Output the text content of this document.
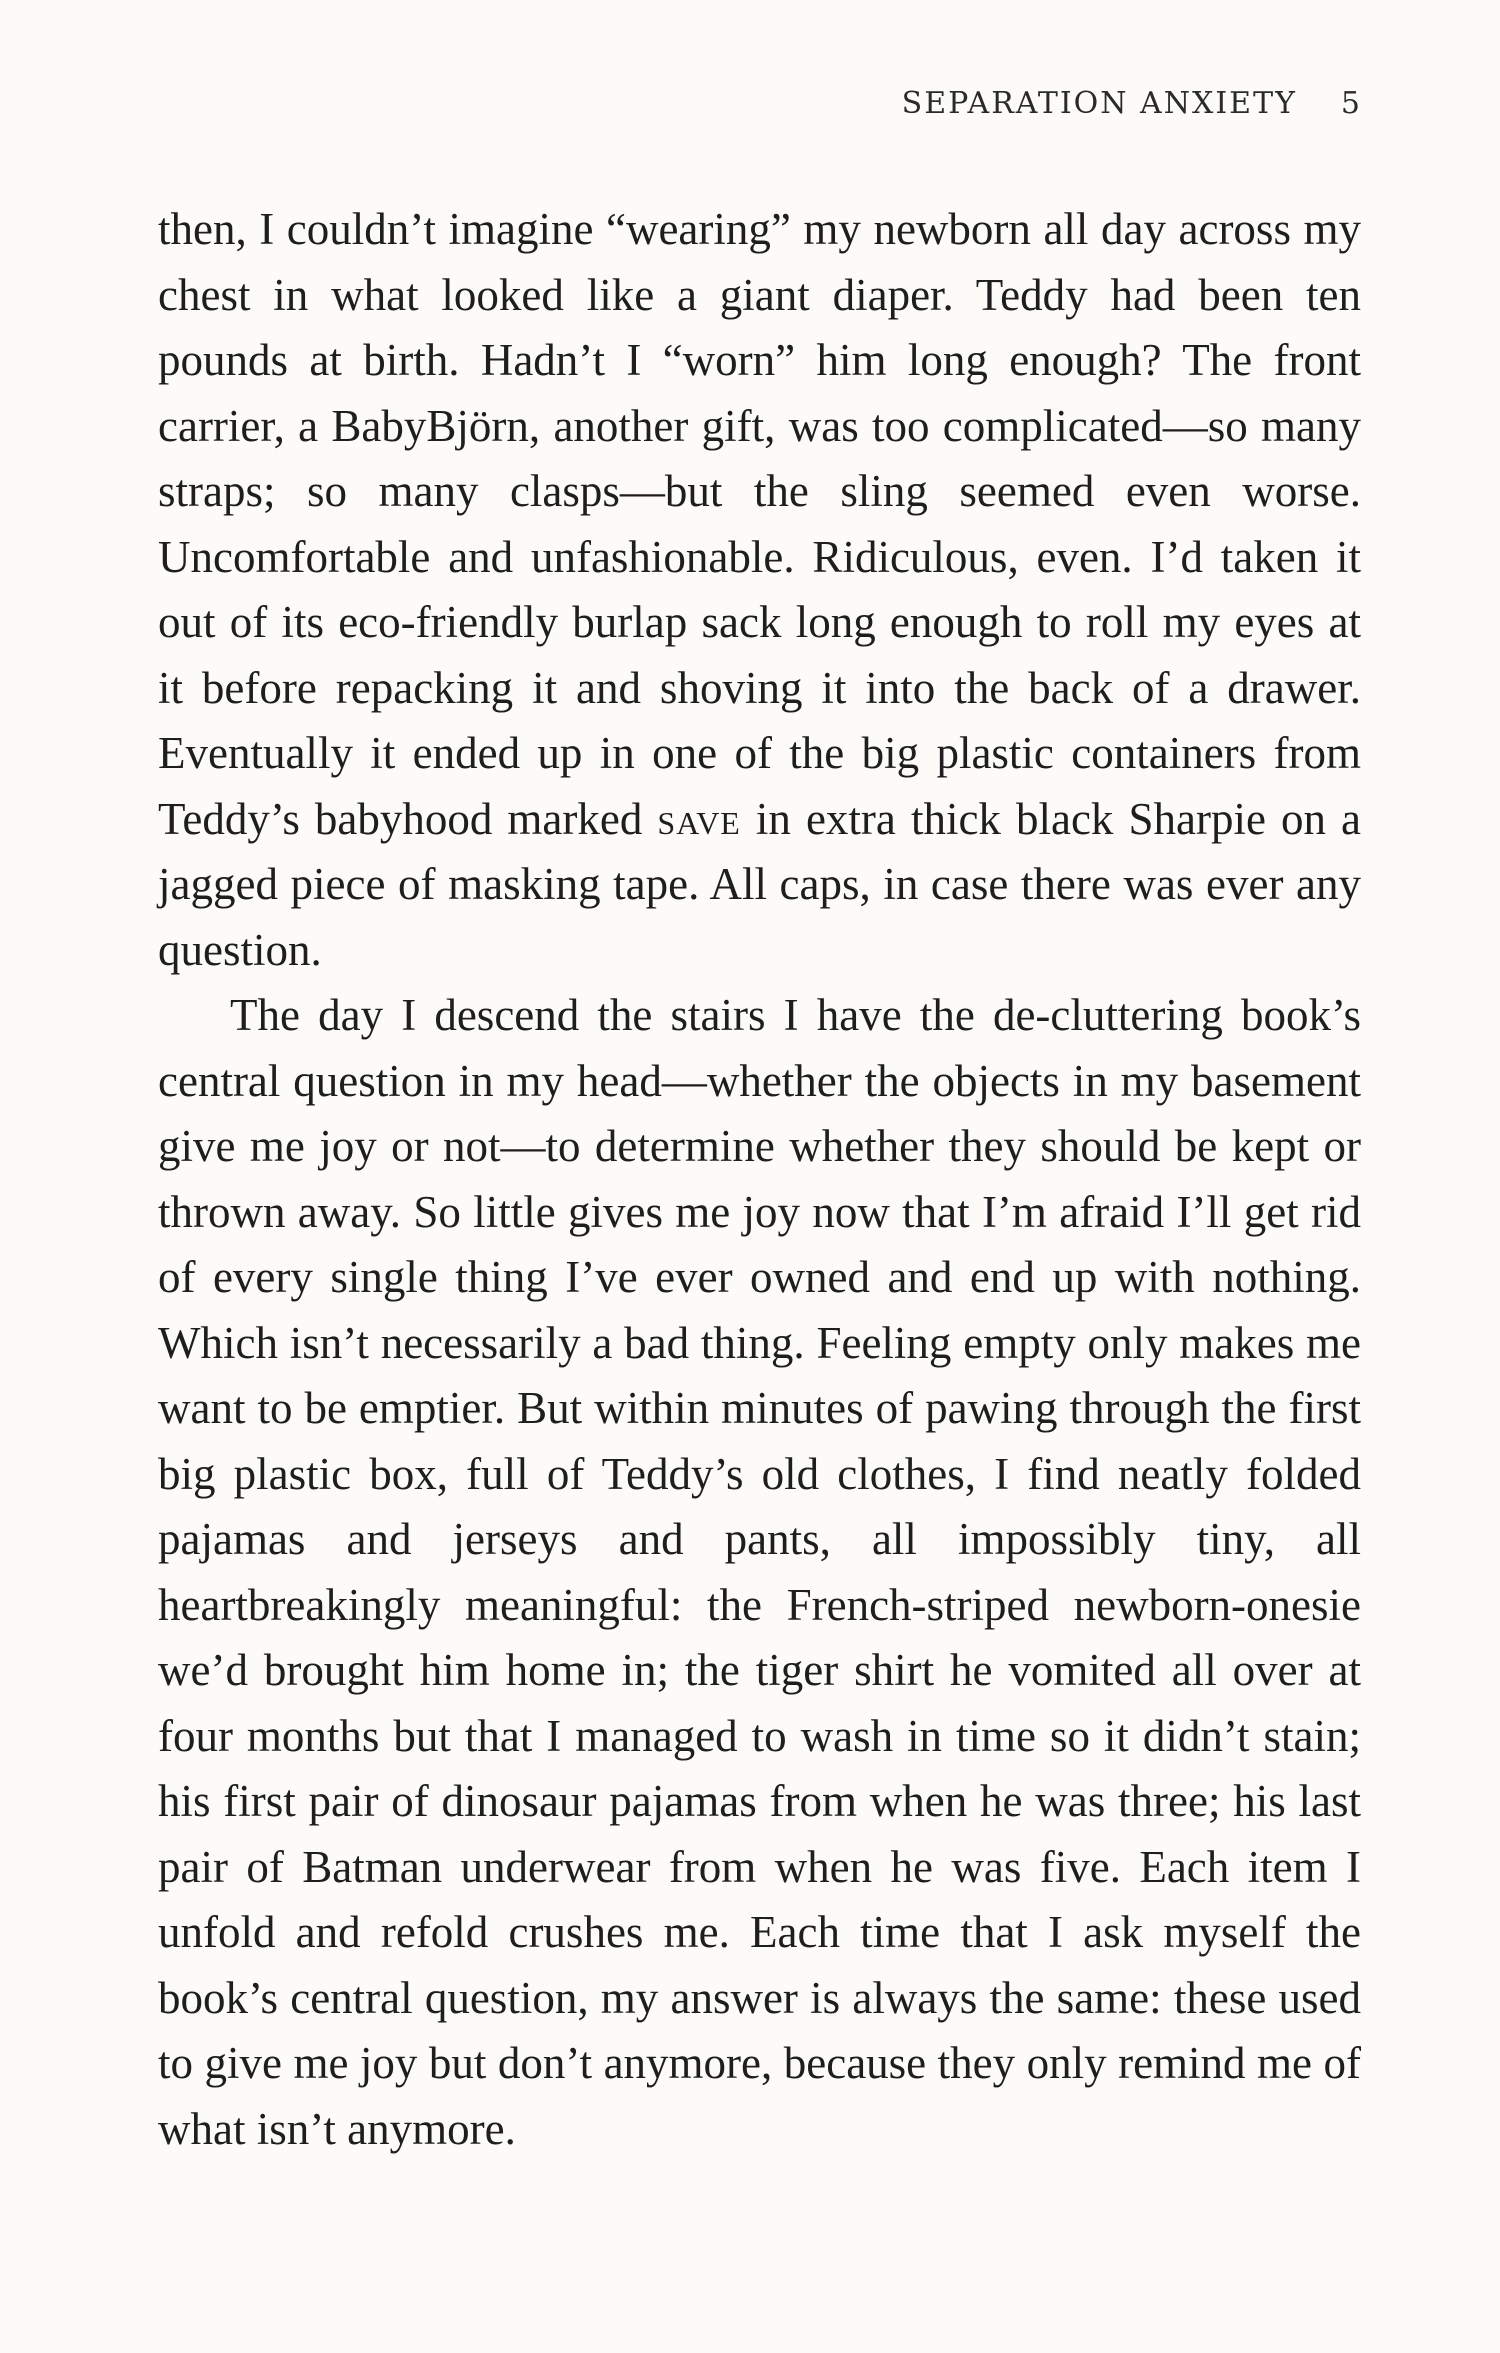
SEPARATION ANXIETY 5

then, I couldn’t imagine “wearing” my newborn all day across my chest in what looked like a giant diaper. Teddy had been ten pounds at birth. Hadn’t I “worn” him long enough? The front carrier, a BabyBjörn, another gift, was too complicated—so many straps; so many clasps—but the sling seemed even worse. Uncomfortable and unfashionable. Ridiculous, even. I’d taken it out of its eco-friendly burlap sack long enough to roll my eyes at it before repacking it and shoving it into the back of a drawer. Eventually it ended up in one of the big plastic containers from Teddy’s babyhood marked save in extra thick black Sharpie on a jagged piece of masking tape. All caps, in case there was ever any question.

The day I descend the stairs I have the de-cluttering book’s central question in my head—whether the objects in my basement give me joy or not—to determine whether they should be kept or thrown away. So little gives me joy now that I’m afraid I’ll get rid of every single thing I’ve ever owned and end up with nothing. Which isn’t necessarily a bad thing. Feeling empty only makes me want to be emptier. But within minutes of pawing through the first big plastic box, full of Teddy’s old clothes, I find neatly folded pajamas and jerseys and pants, all impossibly tiny, all heartbreakingly meaningful: the French-striped newborn-onesie we’d brought him home in; the tiger shirt he vomited all over at four months but that I managed to wash in time so it didn’t stain; his first pair of dinosaur pajamas from when he was three; his last pair of Batman underwear from when he was five. Each item I unfold and refold crushes me. Each time that I ask myself the book’s central question, my answer is always the same: these used to give me joy but don’t anymore, because they only remind me of what isn’t anymore.
